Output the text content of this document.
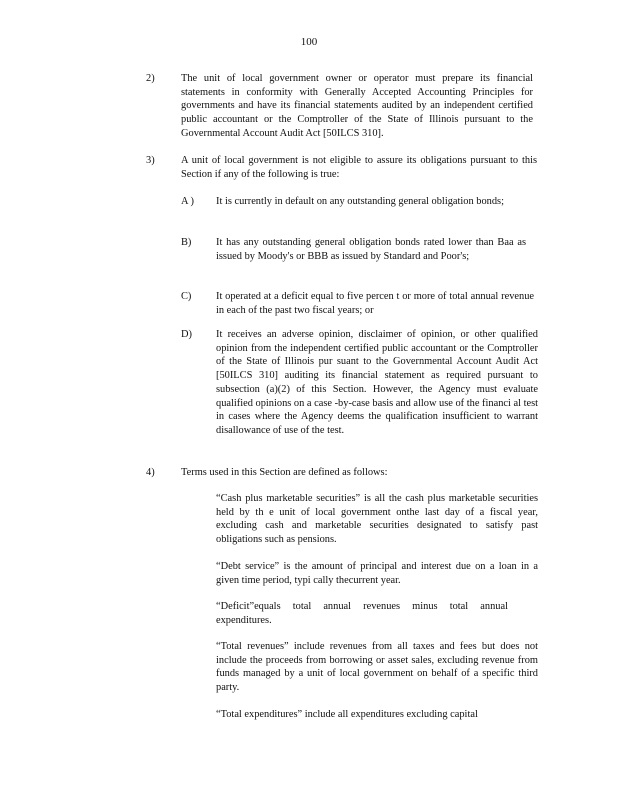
100
2)	The unit of local government owner or operator must prepare its financial statements in conformity with Generally Accepted Accounting Principles for governments and have its financial statements audited by an independent certified public accountant or the Comptroller of the State of Illinois pursuant to the Governmental Account Audit Act [50ILCS 310].
3)	A unit of local government is not eligible to assure its obligations pursuant to this Section if any of the following is true:
A ) It is currently in default on any outstanding general obligation bonds;
B) It has any outstanding general obligation bonds rated lower than Baa as issued by Moody's or BBB as issued by Standard and Poor's;
C) It operated at a deficit equal to five percen t or more of total annual revenue in each of the past two fiscal years; or
D) It receives an adverse opinion, disclaimer of opinion, or other qualified opinion from the independent certified public accountant or the Comptroller of the State of Illinois pur suant to the Governmental Account Audit Act [50ILCS 310] auditing its financial statement as required pursuant to subsection (a)(2) of this Section. However, the Agency must evaluate qualified opinions on a case -by-case basis and allow use of the financi al test in cases where the Agency deems the qualification insufficient to warrant disallowance of use of the test.
4)	Terms used in this Section are defined as follows:
“Cash plus marketable securities” is all the cash plus marketable securities held by th e unit of local government onthe last day of a fiscal year, excluding cash and marketable securities designated to satisfy past obligations such as pensions.
“Debt service” is the amount of principal and interest due on a loan in a given time period, typi cally thecurrent year.
“Deficit”equals total annual revenues minus total annual expenditures.
“Total revenues” include revenues from all taxes and fees but does not include the proceeds from borrowing or asset sales, excluding revenue from funds managed by a unit of local government on behalf of a specific third party.
“Total expenditures” include all expenditures excluding capital
